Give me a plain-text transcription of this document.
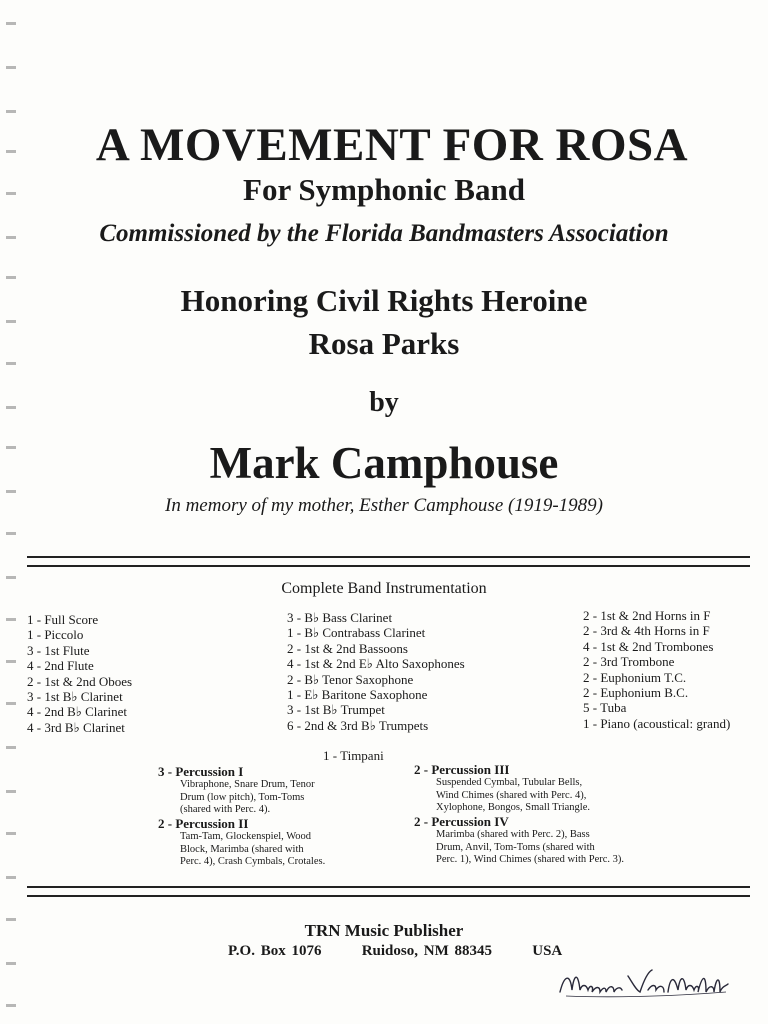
A MOVEMENT FOR ROSA
For Symphonic Band
Commissioned by the Florida Bandmasters Association
Honoring Civil Rights Heroine
Rosa Parks
by
Mark Camphouse
In memory of my mother, Esther Camphouse (1919-1989)
Complete Band Instrumentation
1 - Full Score
1 - Piccolo
3 - 1st Flute
4 - 2nd Flute
2 - 1st & 2nd Oboes
3 - 1st B♭ Clarinet
4 - 2nd B♭ Clarinet
4 - 3rd B♭ Clarinet
3 - B♭ Bass Clarinet
1 - B♭ Contrabass Clarinet
2 - 1st & 2nd Bassoons
4 - 1st & 2nd E♭ Alto Saxophones
2 - B♭ Tenor Saxophone
1 - E♭ Baritone Saxophone
3 - 1st B♭ Trumpet
6 - 2nd & 3rd B♭ Trumpets
2 - 1st & 2nd Horns in F
2 - 3rd & 4th Horns in F
4 - 1st & 2nd Trombones
2 - 3rd Trombone
2 - Euphonium T.C.
2 - Euphonium B.C.
5 - Tuba
1 - Piano (acoustical: grand)
1 - Timpani
3 - Percussion I
Vibraphone, Snare Drum, Tenor
Drum (low pitch), Tom-Toms
(shared with Perc. 4).
2 - Percussion II
Tam-Tam, Glockenspiel, Wood
Block, Marimba (shared with
Perc. 4), Crash Cymbals, Crotales.
2 - Percussion III
Suspended Cymbal, Tubular Bells,
Wind Chimes (shared with Perc. 4),
Xylophone, Bongos, Small Triangle.
2 - Percussion IV
Marimba (shared with Perc. 2), Bass
Drum, Anvil, Tom-Toms (shared with
Perc. 1), Wind Chimes (shared with Perc. 3).
TRN Music Publisher
P.O. Box 1076	Ruidoso, NM 88345	USA
